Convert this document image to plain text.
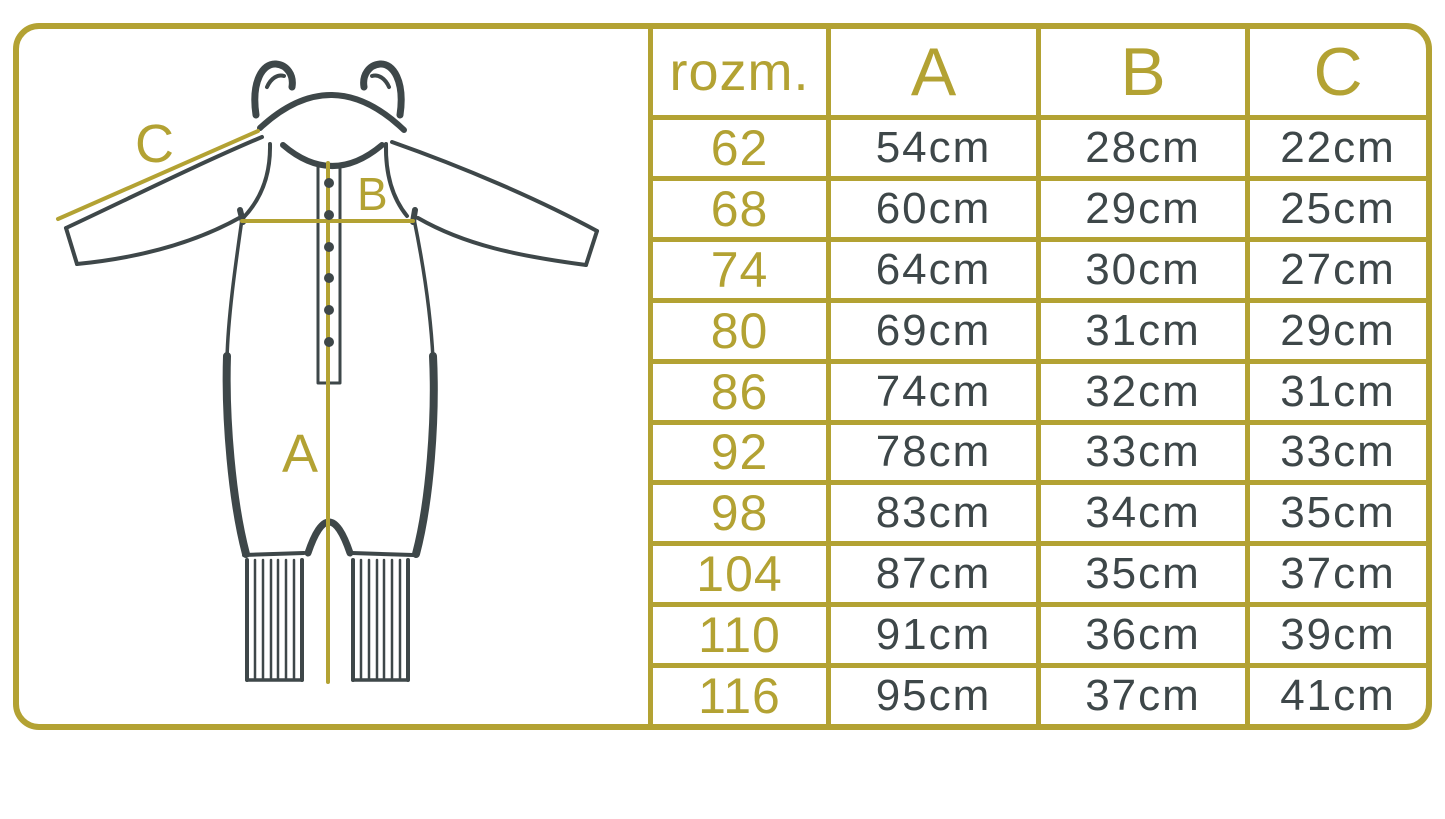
C
B
A
rozm.	A	B	C
62	54cm	28cm	22cm
68	60cm	29cm	25cm
74	64cm	30cm	27cm
80	69cm	31cm	29cm
86	74cm	32cm	31cm
92	78cm	33cm	33cm
98	83cm	34cm	35cm
104	87cm	35cm	37cm
110	91cm	36cm	39cm
116	95cm	37cm	41cm
